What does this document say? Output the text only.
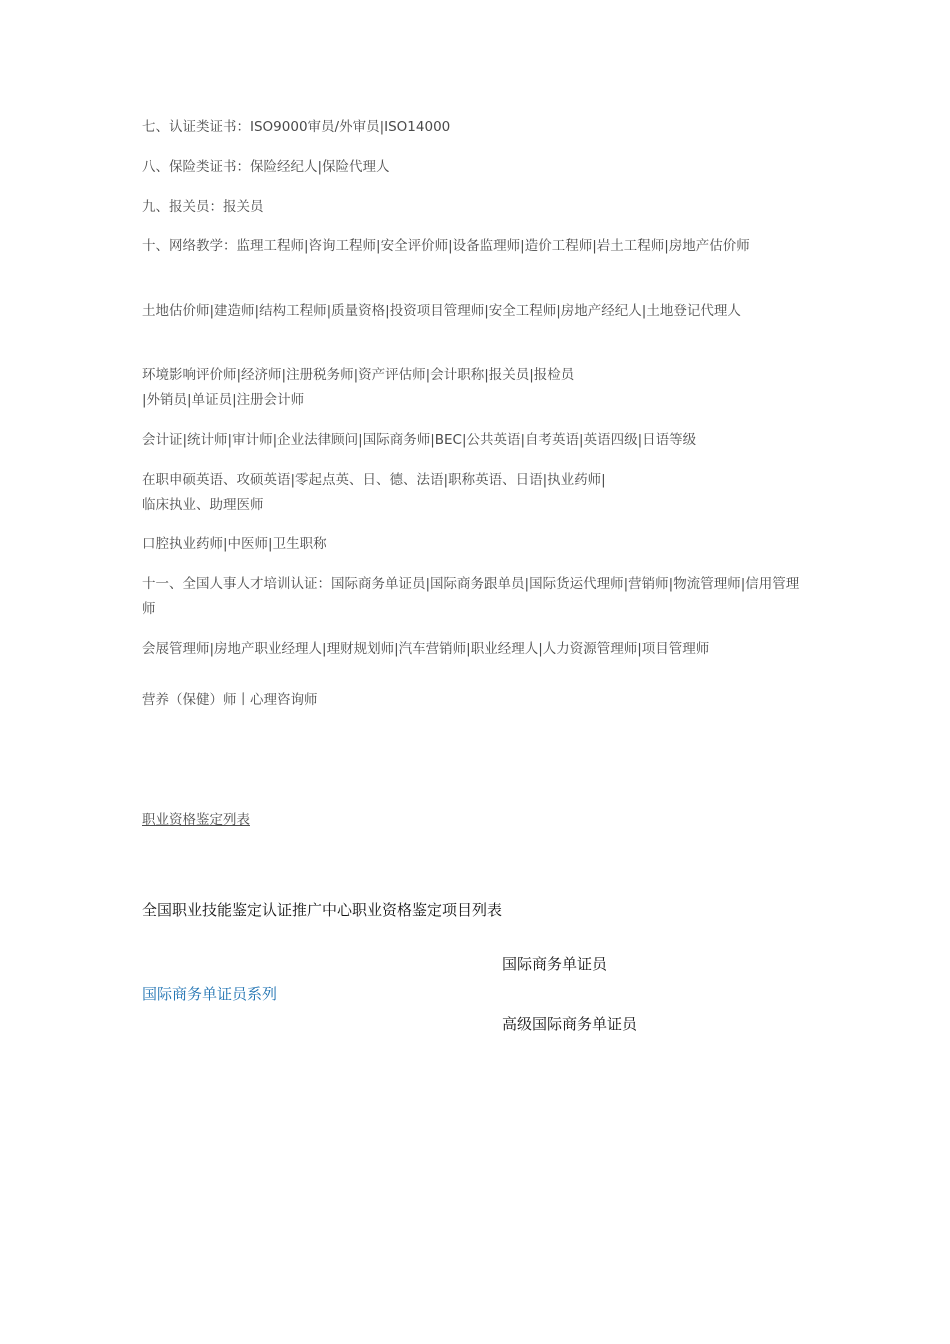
七、认证类证书：ISO9000审员/外审员|ISO14000
八、保险类证书：保险经纪人|保险代理人
九、报关员：报关员
十、网络教学：监理工程师|咨询工程师|安全评价师|设备监理师|造价工程师|岩土工程师|房地产估价师
土地估价师|建造师|结构工程师|质量资格|投资项目管理师|安全工程师|房地产经纪人|土地登记代理人
环境影响评价师|经济师|注册税务师|资产评估师|会计职称|报关员|报检员
|外销员|单证员|注册会计师
会计证|统计师|审计师|企业法律顾问|国际商务师|BEC|公共英语|自考英语|英语四级|日语等级
在职申硕英语、攻硕英语|零起点英、日、德、法语|职称英语、日语|执业药师|
临床执业、助理医师
口腔执业药师|中医师|卫生职称
十一、全国人事人才培训认证：国际商务单证员|国际商务跟单员|国际货运代理师|营销师|物流管理师|信用管理师
会展管理师|房地产职业经理人|理财规划师|汽车营销师|职业经理人|人力资源管理师|项目管理师
营养（保健）师丨心理咨询师
职业资格鉴定列表
全国职业技能鉴定认证推广中心职业资格鉴定项目列表
国际商务单证员系列
国际商务单证员
高级国际商务单证员
